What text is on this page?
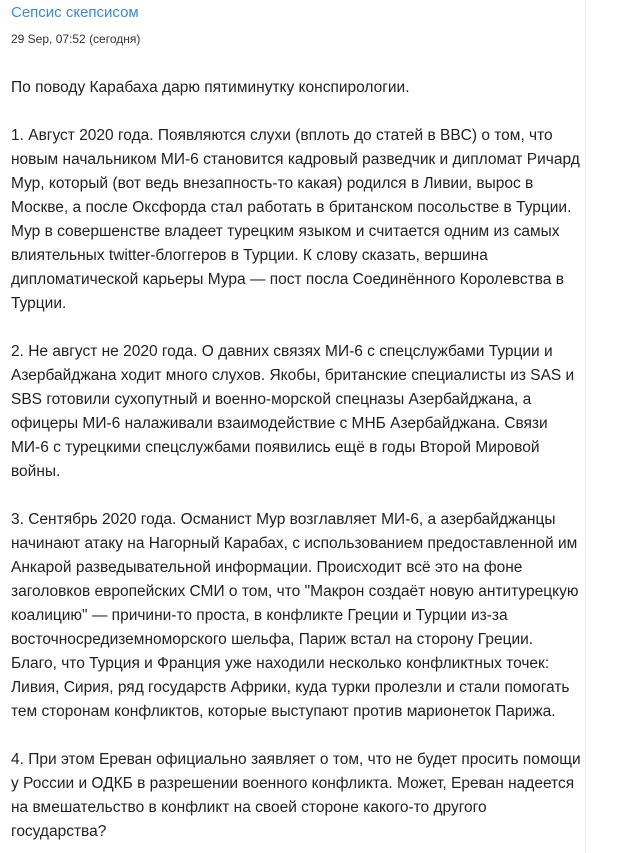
Сепсис скепсисом
29 Sep, 07:52 (сегодня)

По поводу Карабаха дарю пятиминутку конспирологии.

1. Август 2020 года. Появляются слухи (вплоть до статей в BBC) о том, что новым начальником МИ-6 становится кадровый разведчик и дипломат Ричард Мур, который (вот ведь внезапность-то какая) родился в Ливии, вырос в Москве, а после Оксфорда стал работать в британском посольстве в Турции. Мур в совершенстве владеет турецким языком и считается одним из самых влиятельных twitter-блоггеров в Турции. К слову сказать, вершина дипломатической карьеры Мура — пост посла Соединённого Королевства в Турции.

2. Не август не 2020 года. О давних связях МИ-6 с спецслужбами Турции и Азербайджана ходит много слухов. Якобы, британские специалисты из SAS и SBS готовили сухопутный и военно-морской спецназы Азербайджана, а офицеры МИ-6 налаживали взаимодействие с МНБ Азербайджана. Связи МИ-6 с турецкими спецслужбами появились ещё в годы Второй Мировой войны.

3. Сентябрь 2020 года. Османист Мур возглавляет МИ-6, а азербайджанцы начинают атаку на Нагорный Карабах, с использованием предоставленной им Анкарой разведывательной информации. Происходит всё это на фоне заголовков европейских СМИ о том, что "Макрон создаёт новую антитурецкую коалицию" — причини-то проста, в конфликте Греции и Турции из-за восточносредиземноморского шельфа, Париж встал на сторону Греции. Благо, что Турция и Франция уже находили несколько конфликтных точек: Ливия, Сирия, ряд государств Африки, куда турки пролезли и стали помогать тем сторонам конфликтов, которые выступают против марионеток Парижа.

4. При этом Ереван официально заявляет о том, что не будет просить помощи у России и ОДКБ в разрешении военного конфликта. Может, Ереван надеется на вмешательство в конфликт на своей стороне какого-то другого государства?
